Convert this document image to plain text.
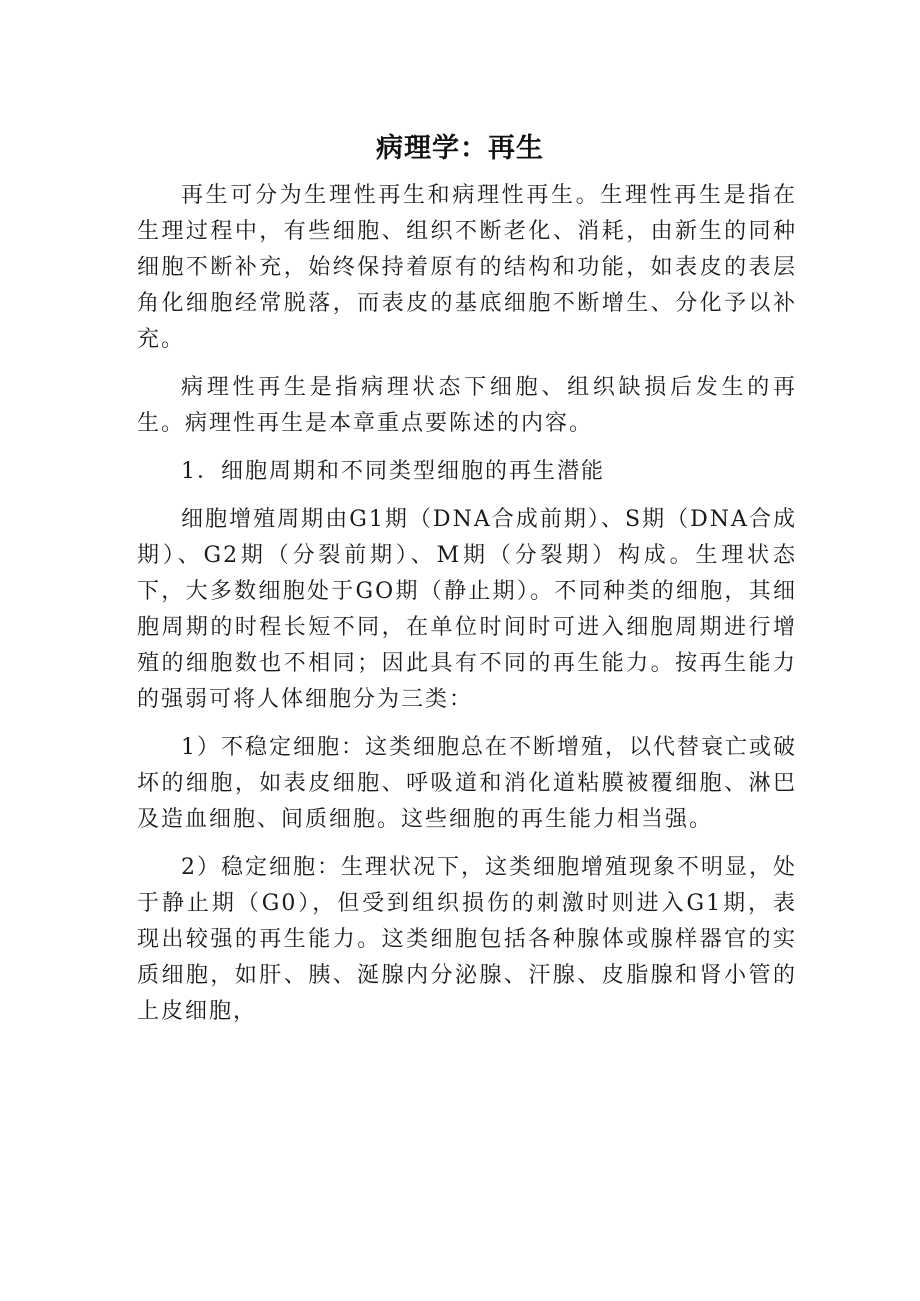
病理学：再生

再生可分为生理性再生和病理性再生。生理性再生是指在生理过程中，有些细胞、组织不断老化、消耗，由新生的同种细胞不断补充，始终保持着原有的结构和功能，如表皮的表层角化细胞经常脱落，而表皮的基底细胞不断增生、分化予以补充。

病理性再生是指病理状态下细胞、组织缺损后发生的再生。病理性再生是本章重点要陈述的内容。

1．细胞周期和不同类型细胞的再生潜能

细胞增殖周期由G1期（DNA合成前期）、S期（DNA合成期）、G2期（分裂前期）、M期（分裂期）构成。生理状态下，大多数细胞处于GO期（静止期）。不同种类的细胞，其细胞周期的时程长短不同，在单位时间时可进入细胞周期进行增殖的细胞数也不相同；因此具有不同的再生能力。按再生能力的强弱可将人体细胞分为三类：

1）不稳定细胞：这类细胞总在不断增殖，以代替衰亡或破坏的细胞，如表皮细胞、呼吸道和消化道粘膜被覆细胞、淋巴及造血细胞、间质细胞。这些细胞的再生能力相当强。

2）稳定细胞：生理状况下，这类细胞增殖现象不明显，处于静止期（G0），但受到组织损伤的刺激时则进入G1期，表现出较强的再生能力。这类细胞包括各种腺体或腺样器官的实质细胞，如肝、胰、涎腺内分泌腺、汗腺、皮脂腺和肾小管的上皮细胞，
